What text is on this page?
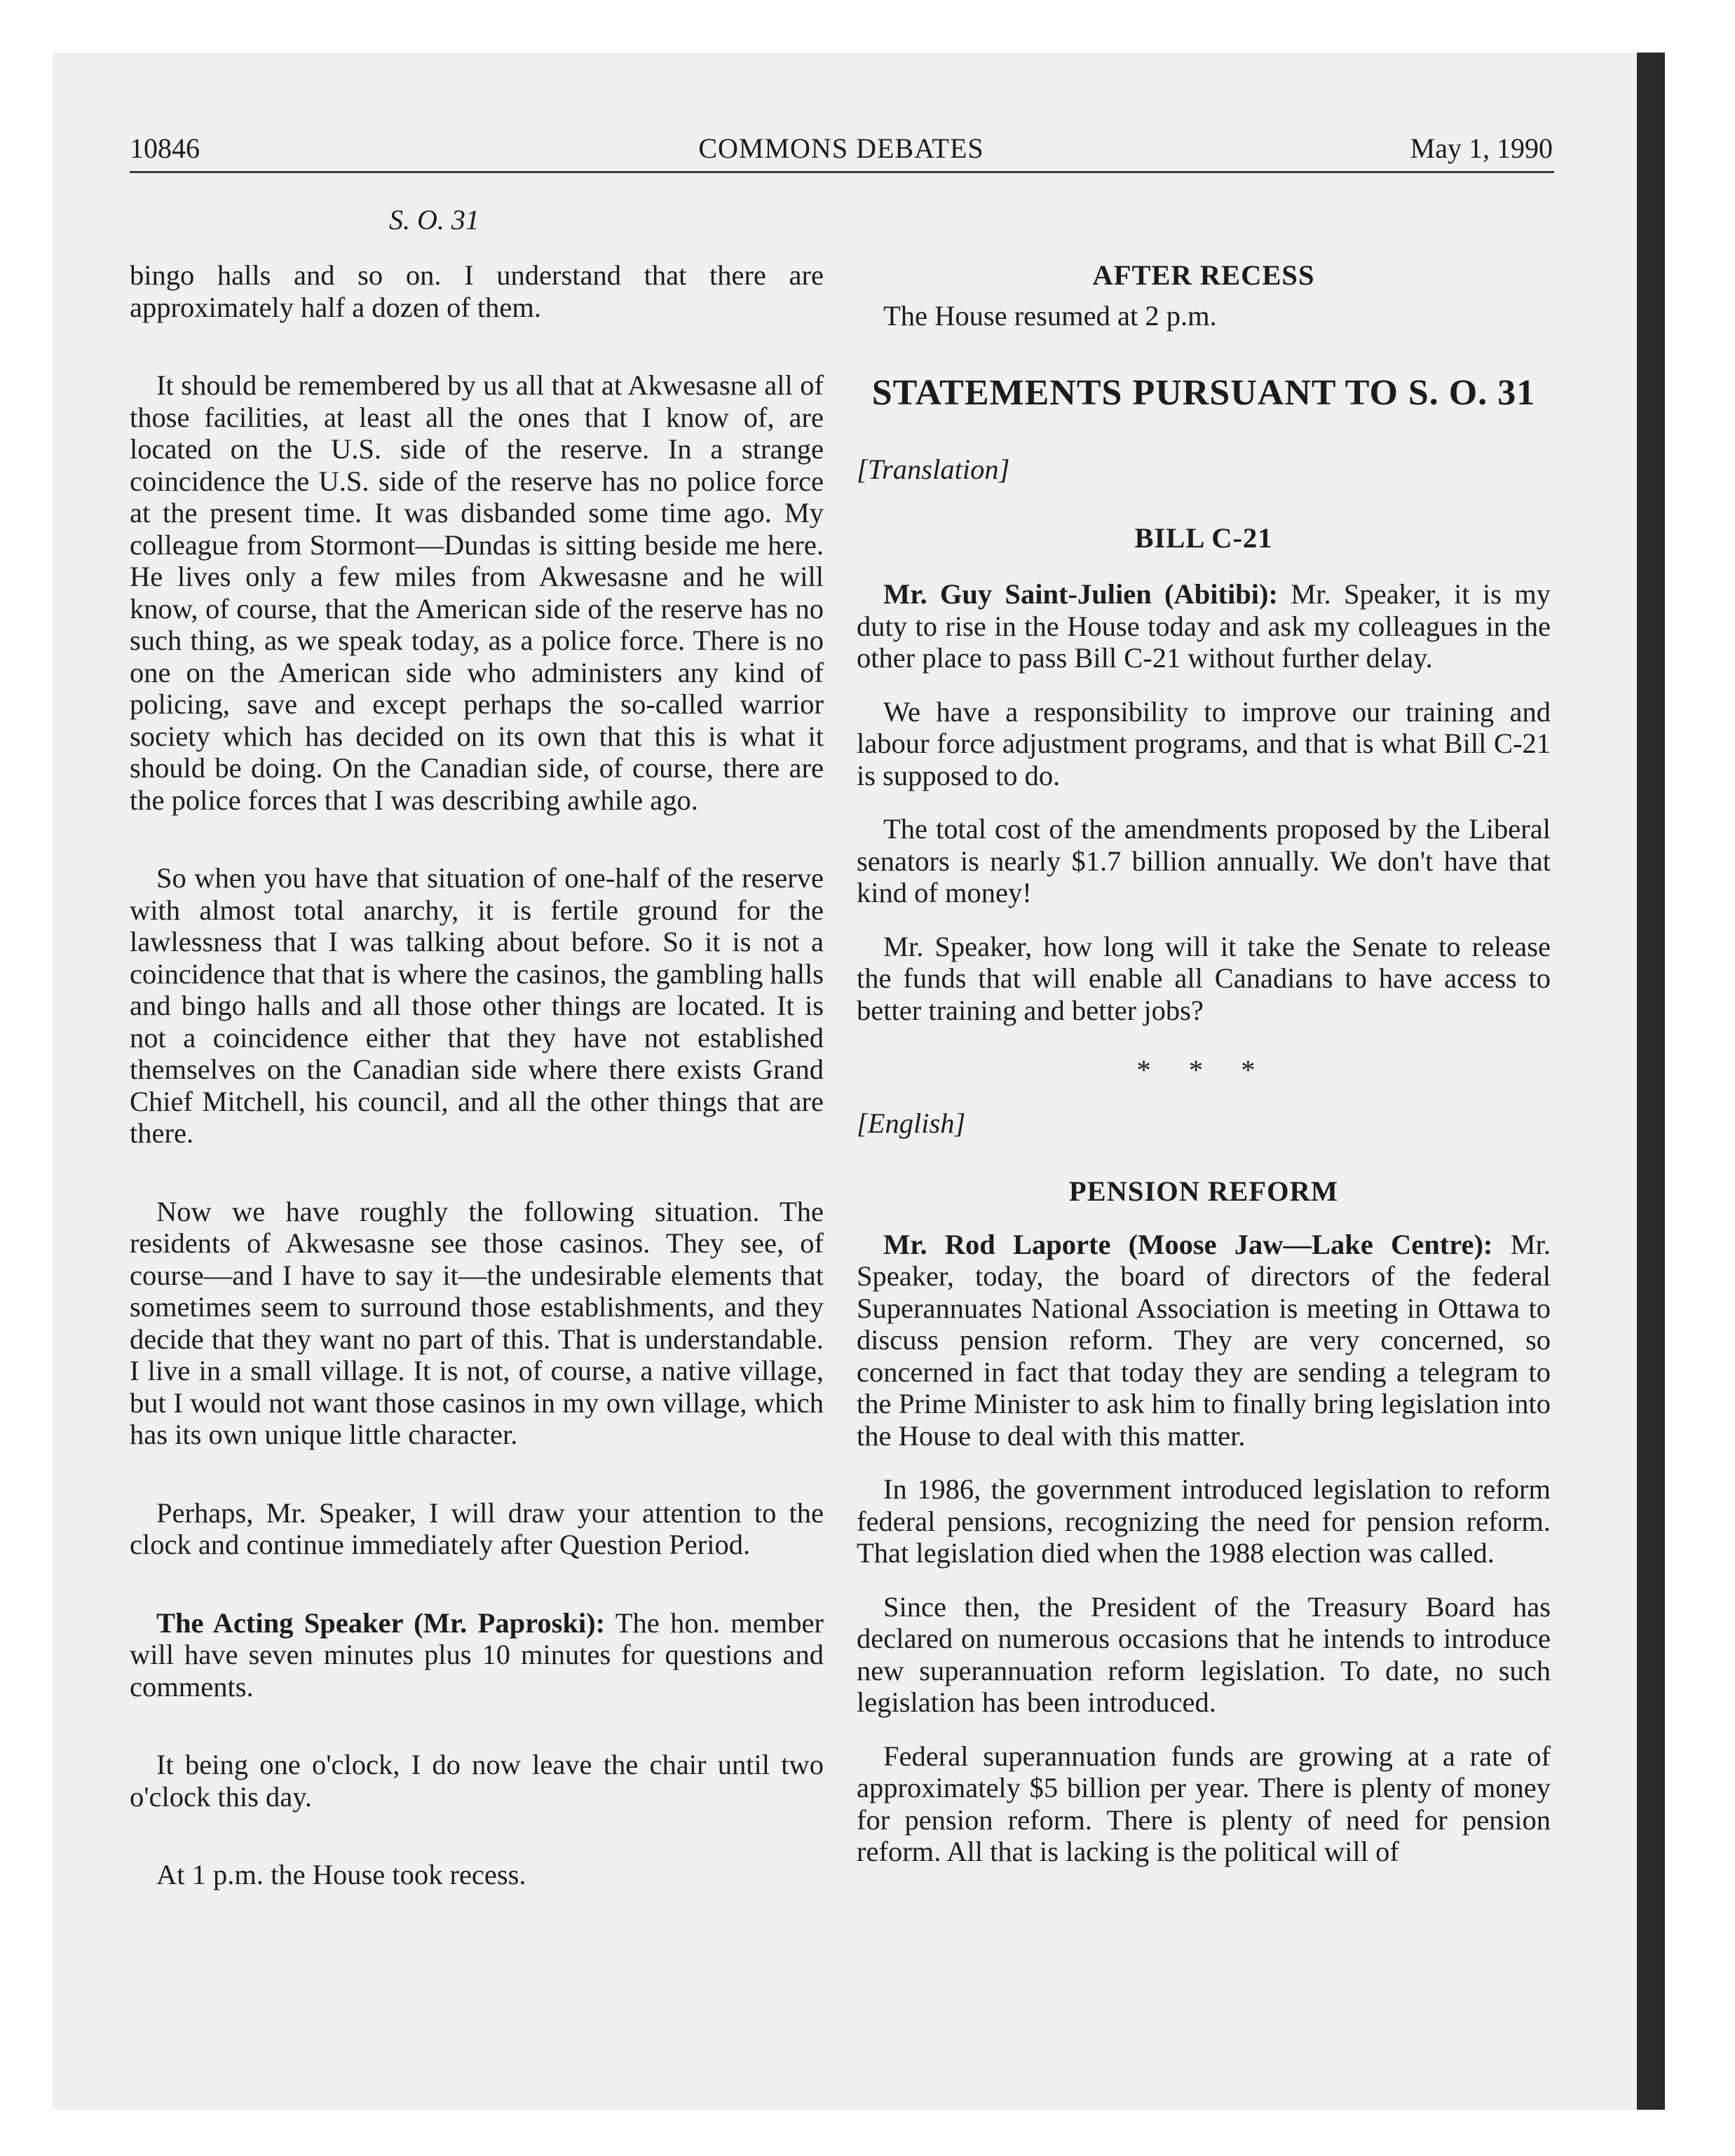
10846	COMMONS DEBATES	May 1, 1990
S. O. 31

bingo halls and so on. I understand that there are approximately half a dozen of them.

It should be remembered by us all that at Akwesasne all of those facilities, at least all the ones that I know of, are located on the U.S. side of the reserve. In a strange coincidence the U.S. side of the reserve has no police force at the present time. It was disbanded some time ago. My colleague from Stormont—Dundas is sitting beside me here. He lives only a few miles from Akwesasne and he will know, of course, that the American side of the reserve has no such thing, as we speak today, as a police force. There is no one on the American side who administers any kind of policing, save and except perhaps the so-called warrior society which has decided on its own that this is what it should be doing. On the Canadian side, of course, there are the police forces that I was describing awhile ago.

So when you have that situation of one-half of the reserve with almost total anarchy, it is fertile ground for the lawlessness that I was talking about before. So it is not a coincidence that that is where the casinos, the gambling halls and bingo halls and all those other things are located. It is not a coincidence either that they have not established themselves on the Canadian side where there exists Grand Chief Mitchell, his council, and all the other things that are there.

Now we have roughly the following situation. The residents of Akwesasne see those casinos. They see, of course—and I have to say it—the undesirable elements that sometimes seem to surround those establishments, and they decide that they want no part of this. That is understandable. I live in a small village. It is not, of course, a native village, but I would not want those casinos in my own village, which has its own unique little character.

Perhaps, Mr. Speaker, I will draw your attention to the clock and continue immediately after Question Period.

The Acting Speaker (Mr. Paproski): The hon. member will have seven minutes plus 10 minutes for questions and comments.

It being one o'clock, I do now leave the chair until two o'clock this day.

At 1 p.m. the House took recess.

AFTER RECESS

The House resumed at 2 p.m.

STATEMENTS PURSUANT TO S. O. 31

[Translation]

BILL C-21

Mr. Guy Saint-Julien (Abitibi): Mr. Speaker, it is my duty to rise in the House today and ask my colleagues in the other place to pass Bill C-21 without further delay.

We have a responsibility to improve our training and labour force adjustment programs, and that is what Bill C-21 is supposed to do.

The total cost of the amendments proposed by the Liberal senators is nearly $1.7 billion annually. We don't have that kind of money!

Mr. Speaker, how long will it take the Senate to release the funds that will enable all Canadians to have access to better training and better jobs?

* * *

[English]

PENSION REFORM

Mr. Rod Laporte (Moose Jaw—Lake Centre): Mr. Speaker, today, the board of directors of the federal Superannuates National Association is meeting in Ottawa to discuss pension reform. They are very concerned, so concerned in fact that today they are sending a telegram to the Prime Minister to ask him to finally bring legislation into the House to deal with this matter.

In 1986, the government introduced legislation to reform federal pensions, recognizing the need for pension reform. That legislation died when the 1988 election was called.

Since then, the President of the Treasury Board has declared on numerous occasions that he intends to introduce new superannuation reform legislation. To date, no such legislation has been introduced.

Federal superannuation funds are growing at a rate of approximately $5 billion per year. There is plenty of money for pension reform. There is plenty of need for pension reform. All that is lacking is the political will of
